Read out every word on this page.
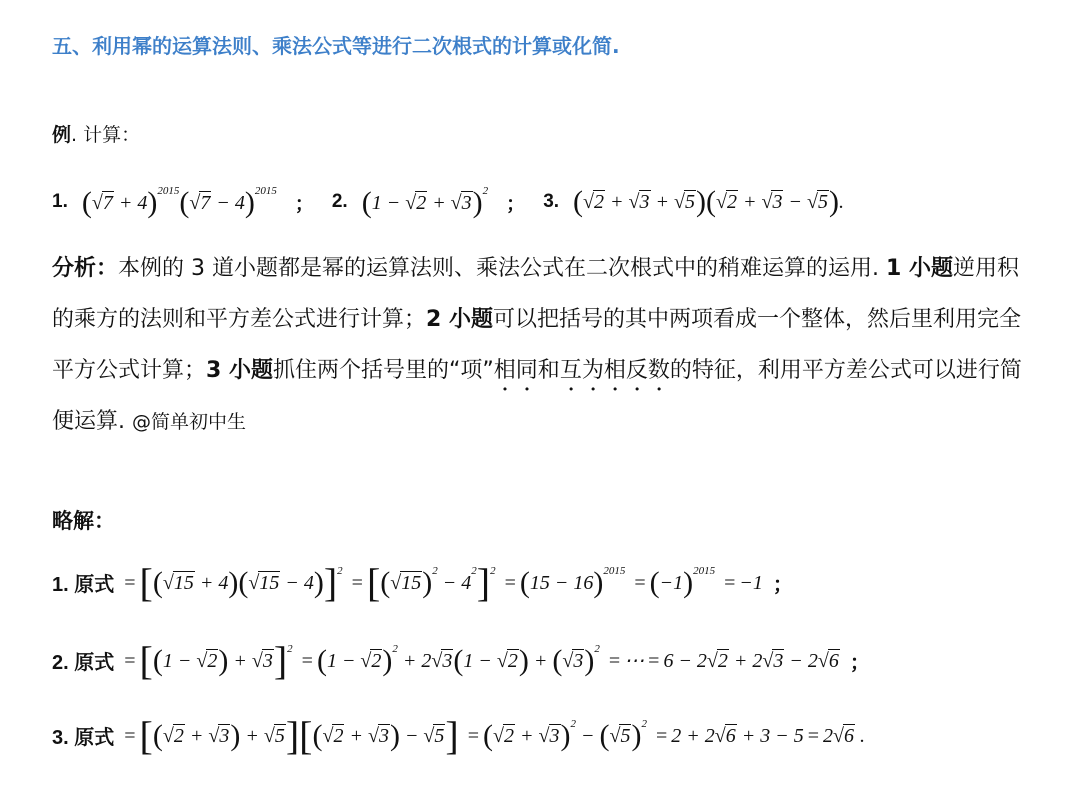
五、利用幂的运算法则、乘法公式等进行二次根式的计算或化简.
例. 计算：
1. $(√7 + 4)^{2015}(√7 - 4)^{2015}$
； 2. $(1 - √2 + √3)^2$
； 3. (√2 + √3 + √5)(√2 + √3 − √5).
分析：本例的 3 道小题都是幂的运算法则、乘法公式在二次根式中的稍难运算的运用. 1 小题逆用积的乘方的法则和平方差公式进行计算；2 小题可以把括号的其中两项看成一个整体，然后里利用完全平方公式计算；3 小题抓住两个括号里的“项”相同和互为相反数的特征，利用平方差公式可以进行简便运算. @简单初中生
略解：
1. 原式 = $[(√15 + 4)(√15 - 4)]^2 = [(√15)^2 - 4^2]^2 = (15 - 16)^{2015} = (-1)^{2015} = -1$ ；
2. 原式 = $[(1 - √2) + √3]^2 = (1 - √2)^2 + 2√3(1 - √2) + (√3)^2$ = ⋯ = 6 − 2√2 + 2√3 − 2√6 ；
3. 原式 = $[(√2 + √3) + √5][(√2 + √3) - √5] = (√2 + √3)^2 - (√5)^2 = 2 + 2√6 + 3 - 5 = 2√6$ .
